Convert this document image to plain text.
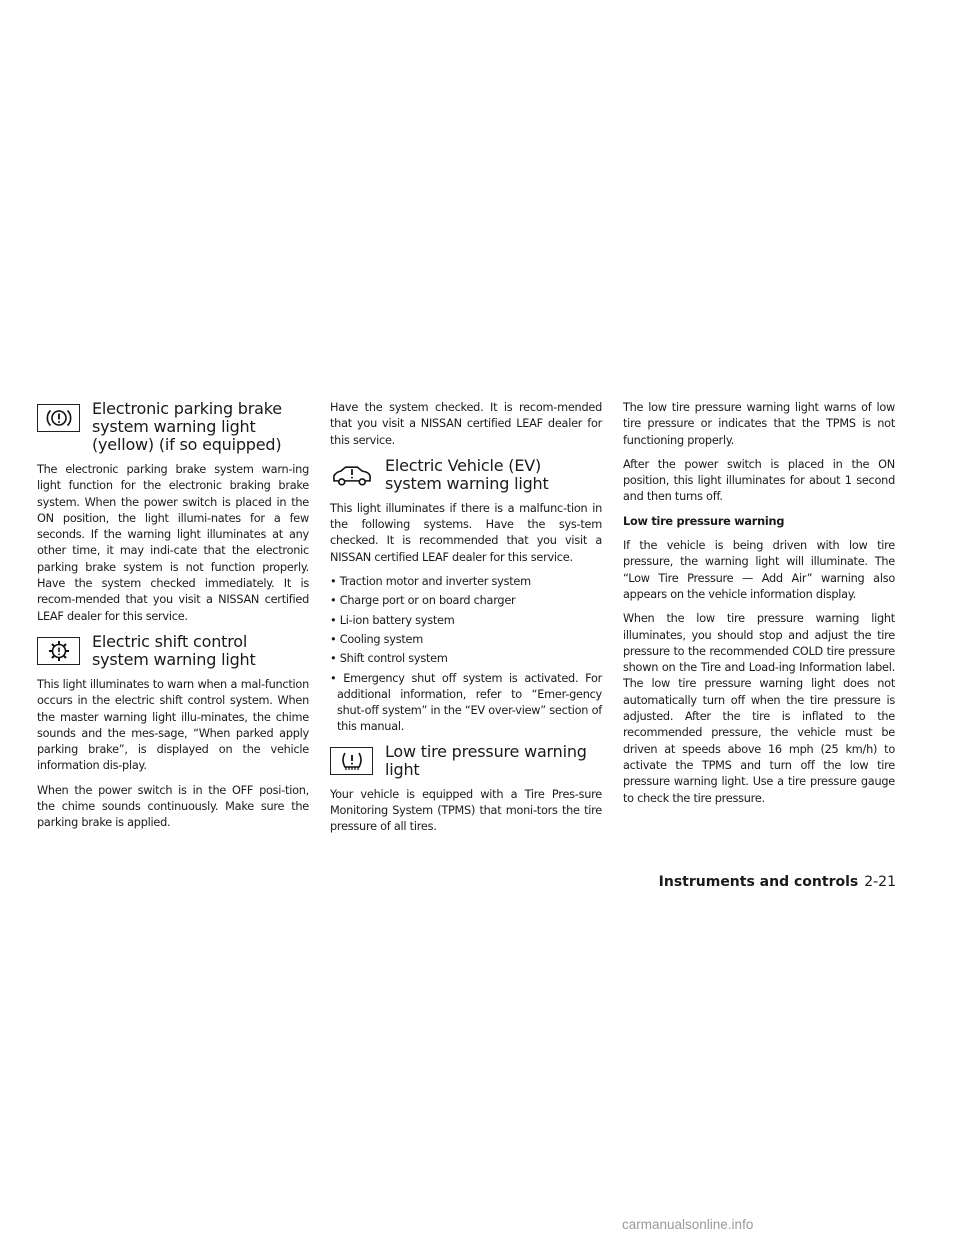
Electronic parking brake
system warning light
(yellow) (if so equipped)

The electronic parking brake system warn-ing light function for the electronic braking brake system. When the power switch is placed in the ON position, the light illumi-nates for a few seconds. If the warning light illuminates at any other time, it may indi-cate that the electronic parking brake system is not function properly. Have the system checked immediately. It is recom-mended that you visit a NISSAN certified LEAF dealer for this service.

Electric shift control
system warning light

This light illuminates to warn when a mal-function occurs in the electric shift control system. When the master warning light illu-minates, the chime sounds and the mes-sage, “When parked apply parking brake”, is displayed on the vehicle information dis-play.

When the power switch is in the OFF posi-tion, the chime sounds continuously. Make sure the parking brake is applied.

Have the system checked. It is recom-mended that you visit a NISSAN certified LEAF dealer for this service.

Electric Vehicle (EV)
system warning light

This light illuminates if there is a malfunc-tion in the following systems. Have the sys-tem checked. It is recommended that you visit a NISSAN certified LEAF dealer for this service.

• Traction motor and inverter system

• Charge port or on board charger

• Li-ion battery system

• Cooling system

• Shift control system

• Emergency shut off system is activated. For additional information, refer to “Emer-gency shut-off system” in the “EV over-view” section of this manual.

Low tire pressure warning
light

Your vehicle is equipped with a Tire Pres-sure Monitoring System (TPMS) that moni-tors the tire pressure of all tires.

The low tire pressure warning light warns of low tire pressure or indicates that the TPMS is not functioning properly.

After the power switch is placed in the ON position, this light illuminates for about 1 second and then turns off.

Low tire pressure warning

If the vehicle is being driven with low tire pressure, the warning light will illuminate. The “Low Tire Pressure — Add Air” warning also appears on the vehicle information display.

When the low tire pressure warning light illuminates, you should stop and adjust the tire pressure to the recommended COLD tire pressure shown on the Tire and Load-ing Information label. The low tire pressure warning light does not automatically turn off when the tire pressure is adjusted. After the tire is inflated to the recommended pressure, the vehicle must be driven at speeds above 16 mph (25 km/h) to activate the TPMS and turn off the low tire pressure warning light. Use a tire pressure gauge to check the tire pressure.

Instruments and controls 2-21
carmanualsonline.info
